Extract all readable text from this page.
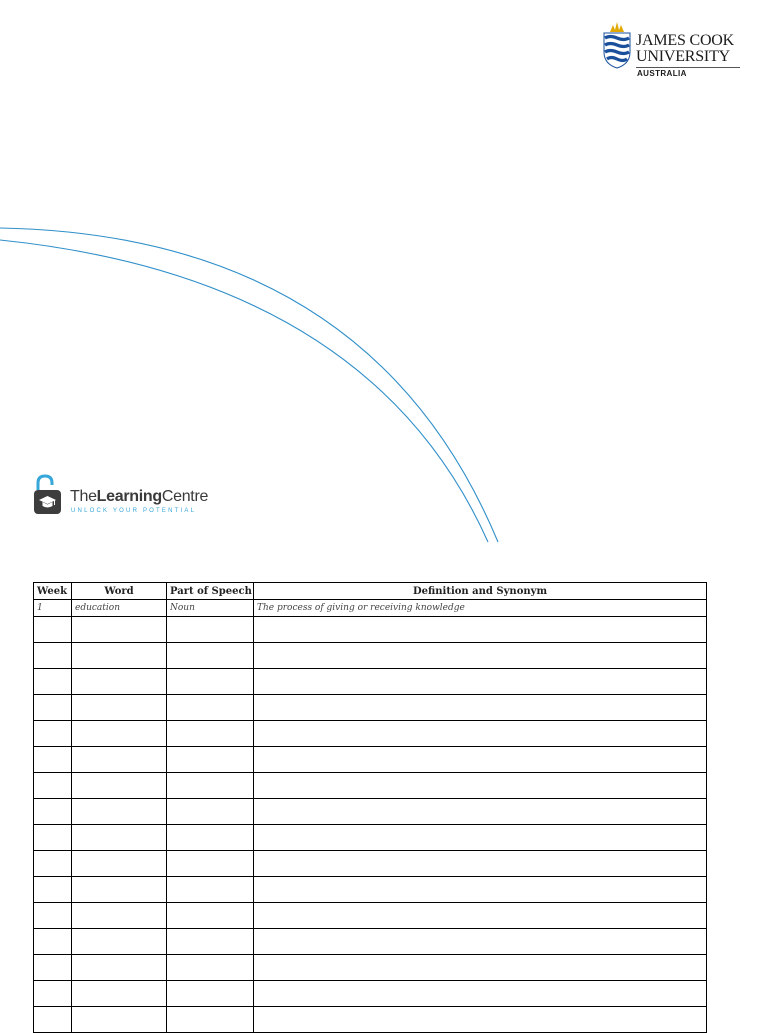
JAMES COOK
UNIVERSITY
AUSTRALIA
TheLearningCentre
UNLOCK YOUR POTENTIAL
Week	Word	Part of Speech	Definition and Synonym
1	education	Noun	The process of giving or receiving knowledge
